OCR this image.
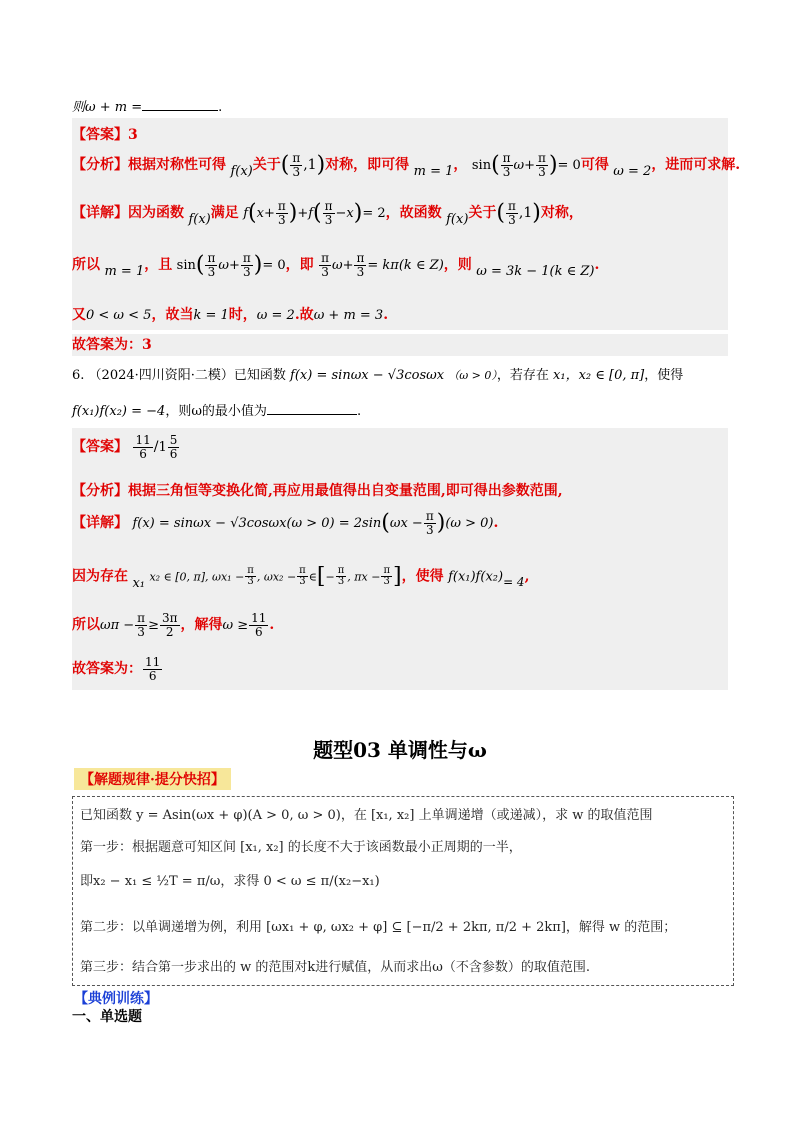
则ω + m =	.
【答案】3
【分析】根据对称性可得 f(x)关于( $\frac{\pi}{3} ,1$)对称，即可得 m = 1， $\sin( \frac{\pi}{3} \omega+ \frac{\pi}{3}$ )= 0可得 ω = 2，进而可求解.
【详解】因为函数 f(x)满足 $f(x+ \frac{\pi}{3} )+f( \frac{\pi}{3} -x)= 2$，故函数 f(x)关于( $\frac{\pi}{3} ,1$)对称，
所以 m = 1，且 $\sin( \frac{\pi}{3} \omega+ \frac{\pi}{3}$ )= 0，即 $\frac{\pi}{3} \omega+ \frac{\pi}{3} = k\pi(k$ ∈ Z)，则 ω = 3k − 1(k ∈ Z).
又0 < ω < 5，故当k = 1时，ω = 2.故ω + m = 3.
故答案为：3
6. （2024·四川资阳·二模）已知函数 f(x) = sinωx − √3cosωx （ω > 0），若存在 x₁，x₂ ∈ [0, π]，使得
f(x₁)f(x₂) = −4，则ω的最小值为	.
【答案】 $\frac{11}{6} /1 \frac{5}{6}$
【分析】根据三角恒等变换化简,再应用最值得出自变量范围,即可得出参数范围,
【详解】 $f(x) = \sin\omega x - √3\cos\omega x(\omega > 0) = 2\sin(\omega x - \frac{\pi}{3} )(\omega > 0)$.
因为存在 x₁ x₂ ∈ [0, π], $\omega x_1 - \frac{\pi}{3}$ , $\omega x_2 - \frac{\pi}{3}$ ∈[− $\frac{\pi}{3}$ , $\pi x - \frac{\pi}{3}$ ]，使得 f(x₁)f(x₂)= 4,
所以$\omega\pi - \frac{\pi}{3} \ge \frac{3\pi}{2}$ ，解得$\omega \ge \frac{11}{6}$ .
故答案为： $\frac{11}{6}$
题型03 单调性与ω
【解题规律·提分快招】
已知函数 y = Asin(ωx + φ)(A > 0, ω > 0)，在 [x₁, x₂] 上单调递增（或递减），求 w 的取值范围
第一步：根据题意可知区间 [x₁, x₂] 的长度不大于该函数最小正周期的一半，
即x₂ − x₁ ≤ ½T = π/ω，求得 0 < ω ≤ π/(x₂−x₁)
第二步：以单调递增为例，利用 [ωx₁ + φ, ωx₂ + φ] ⊆ [−π/2 + 2kπ, π/2 + 2kπ]，解得 w 的范围；
第三步：结合第一步求出的 w 的范围对k进行赋值，从而求出ω（不含参数）的取值范围.
【典例训练】
一、单选题
